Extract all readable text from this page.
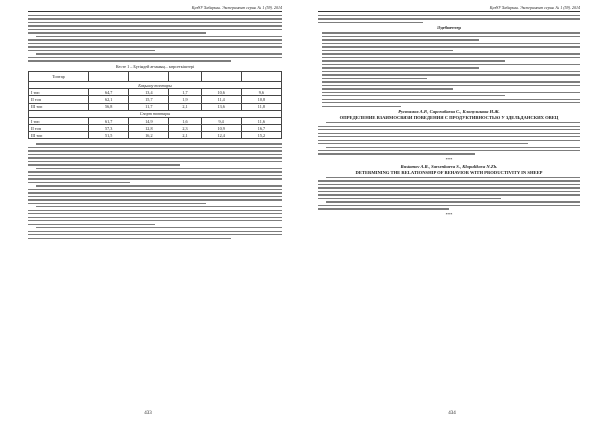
ҚазҰУ Хабаршы. Эксперимент серия. № 1 (59). 2014
Кесте 1 – Бүтіндей ағзаның... көрсеткіштері
Топтар					
Бақылау топтары					
I топ	64,7	13,4	1,7	10,6	9,6
II топ	62,1	15,7	1,9	11,4	10,8
III топ	56,8	11,7	2,1	13,6	11,8
Спорт топтары					
I топ	61,7	14,9	1,6	9,4	11,6
II топ	57,3	12,8	2,3	10,9	16,7
III топ	51,5	16,2	2,1	12,4	15,2
433
ҚазҰУ Хабаршы. Эксперимент серия. № 1 (59). 2014
Әдебиеттер
Рустамов А.Р., Сарсенбаева С., Клопуликова Н.Ж.
ОПРЕДЕЛЕНИЕ ВЗАИМОСВЯЗИ ПОВЕДЕНИЯ С ПРОДУКТИВНОСТЬЮ У ЗДЕЛЬДАНСКИХ ОВЕЦ
***
Rustamov A.R., Sarsenbaeva S., Klopulikova N.Zh.
DETERMINING THE RELATIONSHIP OF BEHAVIOR WITH PRODUCTIVITY IN SHEEP
***
434
